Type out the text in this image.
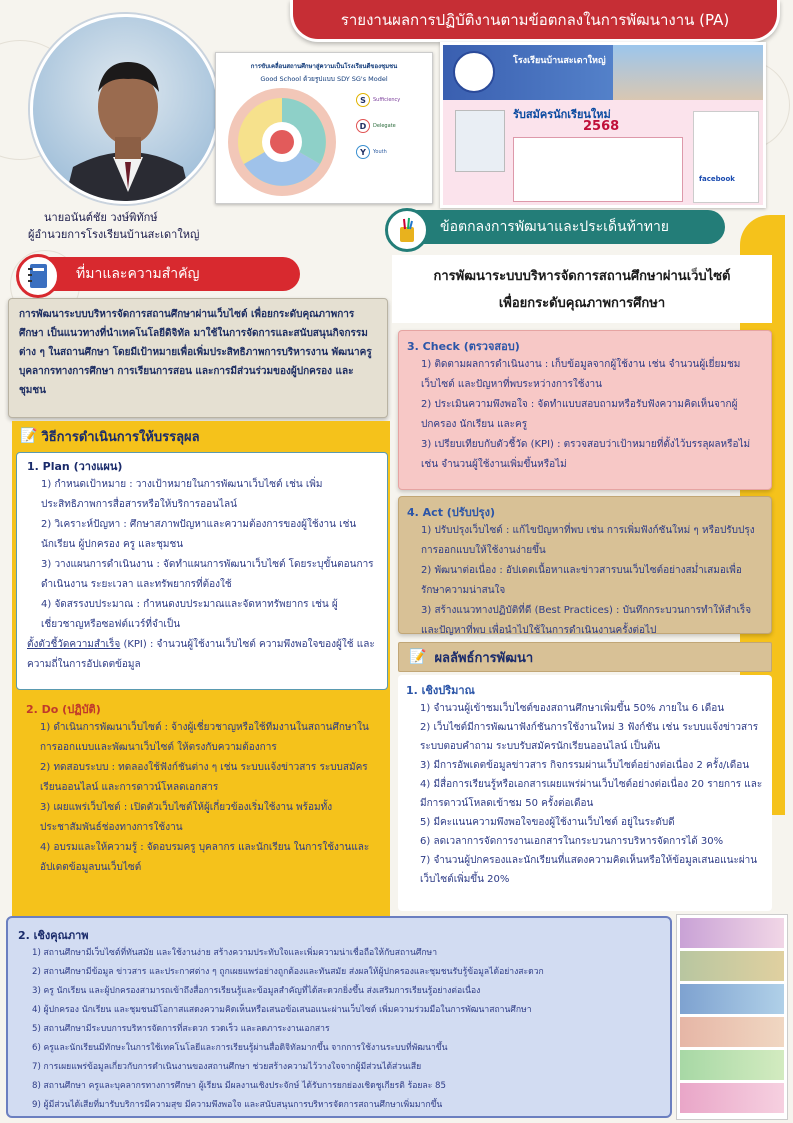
รายงานผลการปฏิบัติงานตามข้อตกลงในการพัฒนางาน (PA)
นายอนันต์ชัย วงษ์พิทักษ์
ผู้อำนวยการโรงเรียนบ้านสะเดาใหญ่
การขับเคลื่อนสถานศึกษาสู่ความเป็นโรงเรียนดีของชุมชน
Good School ด้วยรูปแบบ SDY SG's Model
S	Sufficiency
D	Delegate
Y	Youth
โรงเรียนบ้านสะเดาใหญ่
รับสมัครนักเรียนใหม่
2568
facebook
ที่มาและความสำคัญ
การพัฒนาระบบบริหารจัดการสถานศึกษาผ่านเว็บไซต์ เพื่อยกระดับคุณภาพการศึกษา เป็นแนวทางที่นำเทคโนโลยีดิจิทัล มาใช้ในการจัดการและสนับสนุนกิจกรรมต่าง ๆ ในสถานศึกษา โดยมีเป้าหมายเพื่อเพิ่มประสิทธิภาพการบริหารงาน พัฒนาครู บุคลากรทางการศึกษา การเรียนการสอน และการมีส่วนร่วมของผู้ปกครอง และชุมชน
📝 วิธีการดำเนินการให้บรรลุผล
1. Plan (วางแผน)

1) กำหนดเป้าหมาย : วางเป้าหมายในการพัฒนาเว็บไซต์ เช่น เพิ่มประสิทธิภาพการสื่อสารหรือให้บริการออนไลน์

2) วิเคราะห์ปัญหา : ศึกษาสภาพปัญหาและความต้องการของผู้ใช้งาน เช่น นักเรียน ผู้ปกครอง ครู และชุมชน

3) วางแผนการดำเนินงาน : จัดทำแผนการพัฒนาเว็บไซต์ โดยระบุขั้นตอนการดำเนินงาน ระยะเวลา และทรัพยากรที่ต้องใช้

4) จัดสรรงบประมาณ : กำหนดงบประมาณและจัดหาทรัพยากร เช่น ผู้เชี่ยวชาญหรือซอฟต์แวร์ที่จำเป็น

ตั้งตัวชี้วัดความสำเร็จ (KPI) : จำนวนผู้ใช้งานเว็บไซต์ ความพึงพอใจของผู้ใช้ และความถี่ในการอัปเดตข้อมูล
2. Do (ปฏิบัติ)

1) ดำเนินการพัฒนาเว็บไซต์ : จ้างผู้เชี่ยวชาญหรือใช้ทีมงานในสถานศึกษาในการออกแบบและพัฒนาเว็บไซต์ ให้ตรงกับความต้องการ

2) ทดสอบระบบ : ทดลองใช้ฟังก์ชันต่าง ๆ เช่น ระบบแจ้งข่าวสาร ระบบสมัครเรียนออนไลน์ และการดาวน์โหลดเอกสาร

3) เผยแพร่เว็บไซต์ : เปิดตัวเว็บไซต์ให้ผู้เกี่ยวข้องเริ่มใช้งาน พร้อมทั้งประชาสัมพันธ์ช่องทางการใช้งาน

4) อบรมและให้ความรู้ : จัดอบรมครู บุคลากร และนักเรียน ในการใช้งานและอัปเดตข้อมูลบนเว็บไซต์

ข้อตกลงการพัฒนาและประเด็นท้าทาย
การพัฒนาระบบบริหารจัดการสถานศึกษาผ่านเว็บไซต์
เพื่อยกระดับคุณภาพการศึกษา
3. Check (ตรวจสอบ)

1) ติดตามผลการดำเนินงาน : เก็บข้อมูลจากผู้ใช้งาน เช่น จำนวนผู้เยี่ยมชมเว็บไซต์ และปัญหาที่พบระหว่างการใช้งาน

2) ประเมินความพึงพอใจ : จัดทำแบบสอบถามหรือรับฟังความคิดเห็นจากผู้ปกครอง นักเรียน และครู

3) เปรียบเทียบกับตัวชี้วัด (KPI) : ตรวจสอบว่าเป้าหมายที่ตั้งไว้บรรลุผลหรือไม่ เช่น จำนวนผู้ใช้งานเพิ่มขึ้นหรือไม่

4. Act (ปรับปรุง)

1) ปรับปรุงเว็บไซต์ : แก้ไขปัญหาที่พบ เช่น การเพิ่มฟังก์ชันใหม่ ๆ หรือปรับปรุงการออกแบบให้ใช้งานง่ายขึ้น

2) พัฒนาต่อเนื่อง : อัปเดตเนื้อหาและข่าวสารบนเว็บไซต์อย่างสม่ำเสมอเพื่อรักษาความน่าสนใจ

3) สร้างแนวทางปฏิบัติที่ดี (Best Practices) : บันทึกกระบวนการทำให้สำเร็จและปัญหาที่พบ เพื่อนำไปใช้ในการดำเนินงานครั้งต่อไป

📝 ผลลัพธ์การพัฒนา
1. เชิงปริมาณ

1) จำนวนผู้เข้าชมเว็บไซต์ของสถานศึกษาเพิ่มขึ้น 50% ภายใน 6 เดือน

2) เว็บไซต์มีการพัฒนาฟังก์ชันการใช้งานใหม่ 3 ฟังก์ชัน เช่น ระบบแจ้งข่าวสาร ระบบตอบคำถาม ระบบรับสมัครนักเรียนออนไลน์ เป็นต้น

3) มีการอัพเดตข้อมูลข่าวสาร กิจกรรมผ่านเว็บไซต์อย่างต่อเนื่อง 2 ครั้ง/เดือน

4) มีสื่อการเรียนรู้หรือเอกสารเผยแพร่ผ่านเว็บไซต์อย่างต่อเนื่อง 20 รายการ และมีการดาวน์โหลดเข้าชม 50 ครั้งต่อเดือน

5) มีคะแนนความพึงพอใจของผู้ใช้งานเว็บไซต์ อยู่ในระดับดี

6) ลดเวลาการจัดการงานเอกสารในกระบวนการบริหารจัดการได้ 30%

7) จำนวนผู้ปกครองและนักเรียนที่แสดงความคิดเห็นหรือให้ข้อมูลเสนอแนะผ่านเว็บไซต์เพิ่มขึ้น 20%

2. เชิงคุณภาพ

1) สถานศึกษามีเว็บไซต์ที่ทันสมัย และใช้งานง่าย สร้างความประทับใจและเพิ่มความน่าเชื่อถือให้กับสถานศึกษา

2) สถานศึกษามีข้อมูล ข่าวสาร และประกาศต่าง ๆ ถูกเผยแพร่อย่างถูกต้องและทันสมัย ส่งผลให้ผู้ปกครองและชุมชนรับรู้ข้อมูลได้อย่างสะดวก

3) ครู นักเรียน และผู้ปกครองสามารถเข้าถึงสื่อการเรียนรู้และข้อมูลสำคัญที่ได้สะดวกยิ่งขึ้น ส่งเสริมการเรียนรู้อย่างต่อเนื่อง

4) ผู้ปกครอง นักเรียน และชุมชนมีโอกาสแสดงความคิดเห็นหรือเสนอข้อเสนอแนะผ่านเว็บไซต์ เพิ่มความร่วมมือในการพัฒนาสถานศึกษา

5) สถานศึกษามีระบบการบริหารจัดการที่สะดวก รวดเร็ว และลดภาระงานเอกสาร

6) ครูและนักเรียนมีทักษะในการใช้เทคโนโลยีและการเรียนรู้ผ่านสื่อดิจิทัลมากขึ้น จากการใช้งานระบบที่พัฒนาขึ้น

7) การเผยแพร่ข้อมูลเกี่ยวกับการดำเนินงานของสถานศึกษา ช่วยสร้างความไว้วางใจจากผู้มีส่วนได้ส่วนเสีย

8) สถานศึกษา ครูและบุคลากรทางการศึกษา ผู้เรียน มีผลงานเชิงประจักษ์ ได้รับการยกย่องเชิดชูเกียรติ ร้อยละ 85

9) ผู้มีส่วนได้เสียที่มารับบริการมีความสุข มีความพึงพอใจ และสนับสนุนการบริหารจัดการสถานศึกษาเพิ่มมากขึ้น
